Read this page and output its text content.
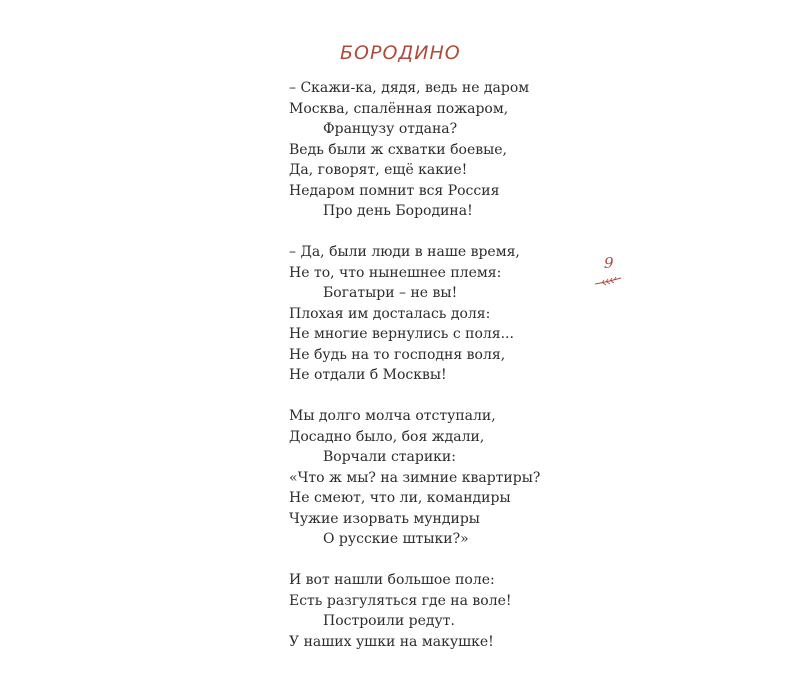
БОРОДИНО
– Скажи-ка, дядя, ведь не даром
Москва, спалённая пожаром,
Французу отдана?
Ведь были ж схватки боевые,
Да, говорят, ещё какие!
Недаром помнит вся Россия
Про день Бородина!
– Да, были люди в наше время,
Не то, что нынешнее племя:
Богатыри – не вы!
Плохая им досталась доля:
Не многие вернулись с поля...
Не будь на то господня воля,
Не отдали б Москвы!
Мы долго молча отступали,
Досадно было, боя ждали,
Ворчали старики:
«Что ж мы? на зимние квартиры?
Не смеют, что ли, командиры
Чужие изорвать мундиры
О русские штыки?»
И вот нашли большое поле:
Есть разгуляться где на воле!
Построили редут.
У наших ушки на макушке!
9
